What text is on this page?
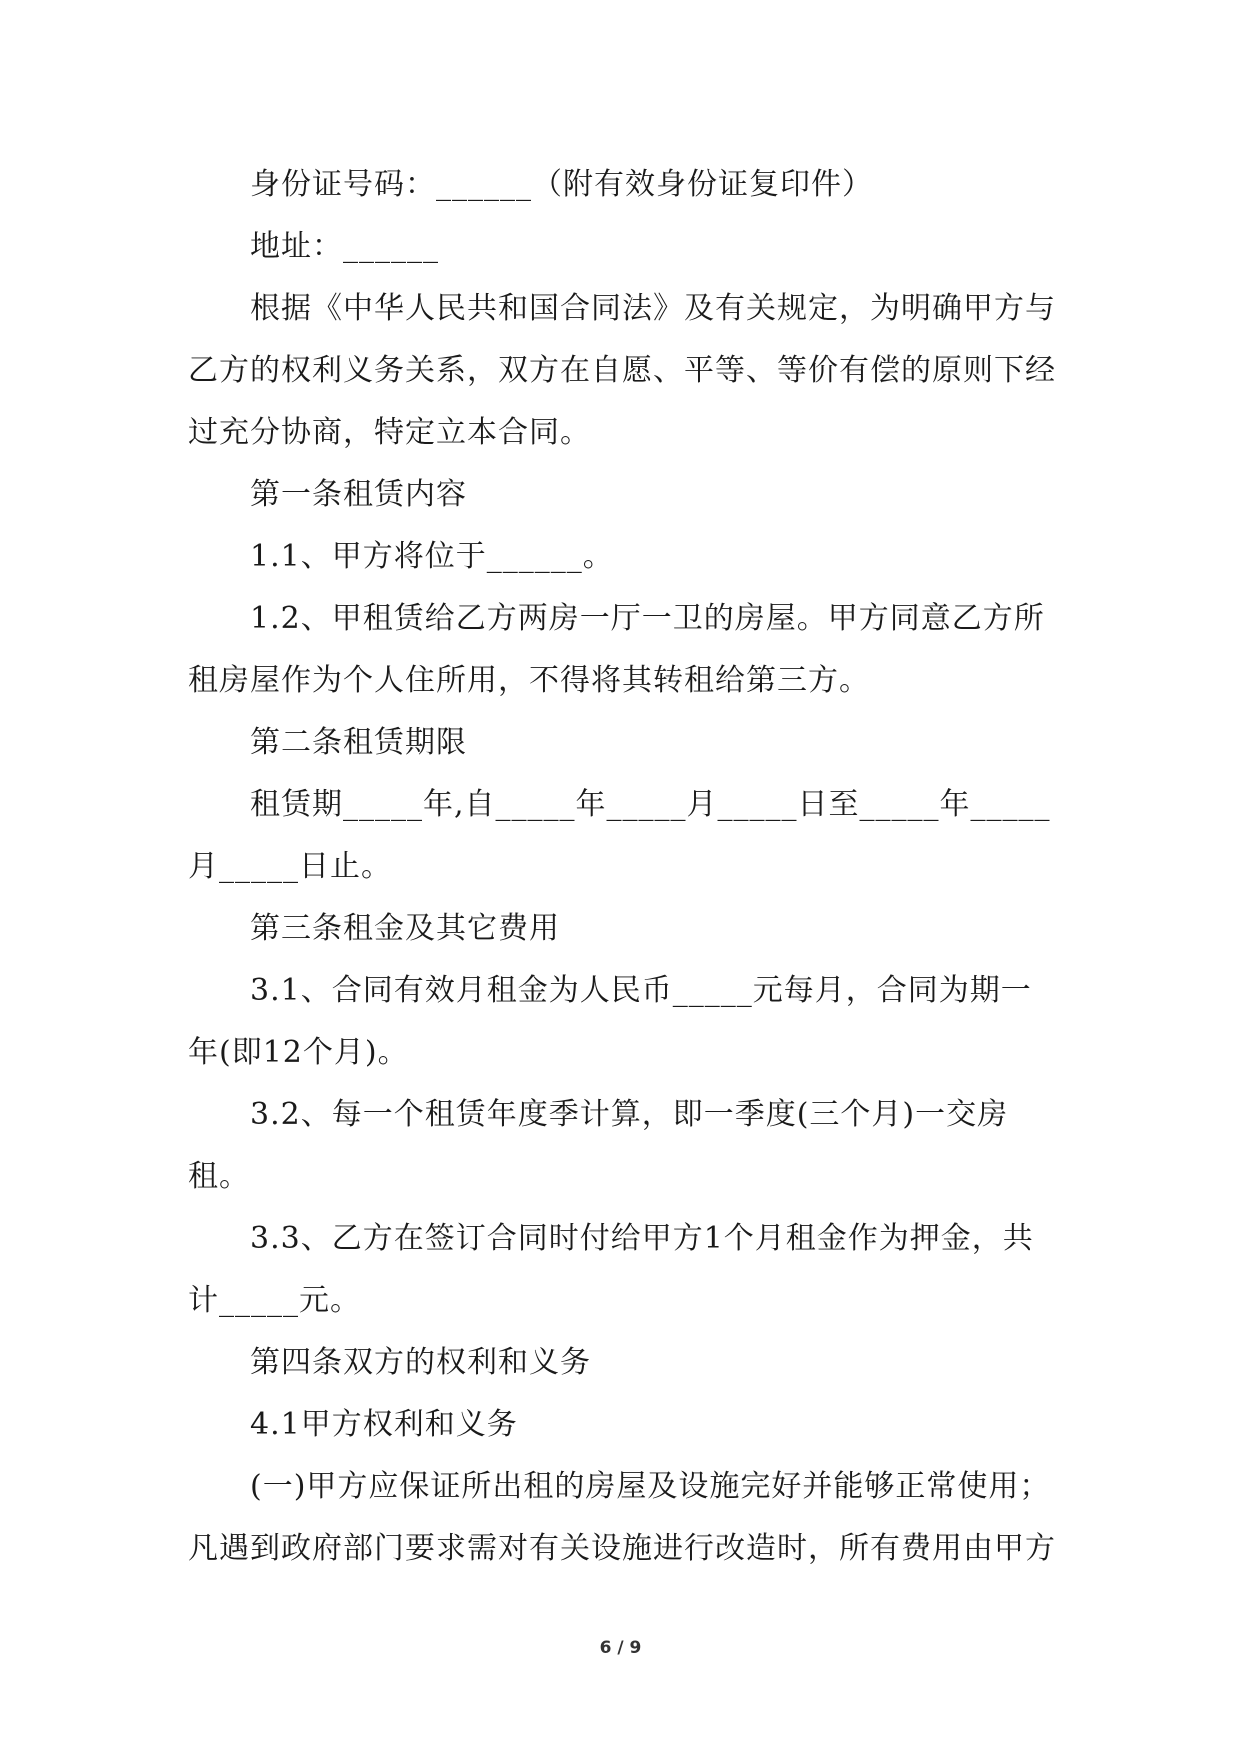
身份证号码：______（附有效身份证复印件）

地址：______

根据《中华人民共和国合同法》及有关规定，为明确甲方与乙方的权利义务关系，双方在自愿、平等、等价有偿的原则下经过充分协商，特定立本合同。

第一条租赁内容

1.1、甲方将位于______。

1.2、甲租赁给乙方两房一厅一卫的房屋。甲方同意乙方所租房屋作为个人住所用，不得将其转租给第三方。

第二条租赁期限

租赁期_____年,自_____年_____月_____日至_____年_____月_____日止。

第三条租金及其它费用

3.1、合同有效月租金为人民币_____元每月，合同为期一年(即12个月)。

3.2、每一个租赁年度季计算，即一季度(三个月)一交房租。

3.3、乙方在签订合同时付给甲方1个月租金作为押金，共计_____元。

第四条双方的权利和义务

4.1甲方权利和义务

(一)甲方应保证所出租的房屋及设施完好并能够正常使用；凡遇到政府部门要求需对有关设施进行改造时，所有费用由甲方

6 / 9
